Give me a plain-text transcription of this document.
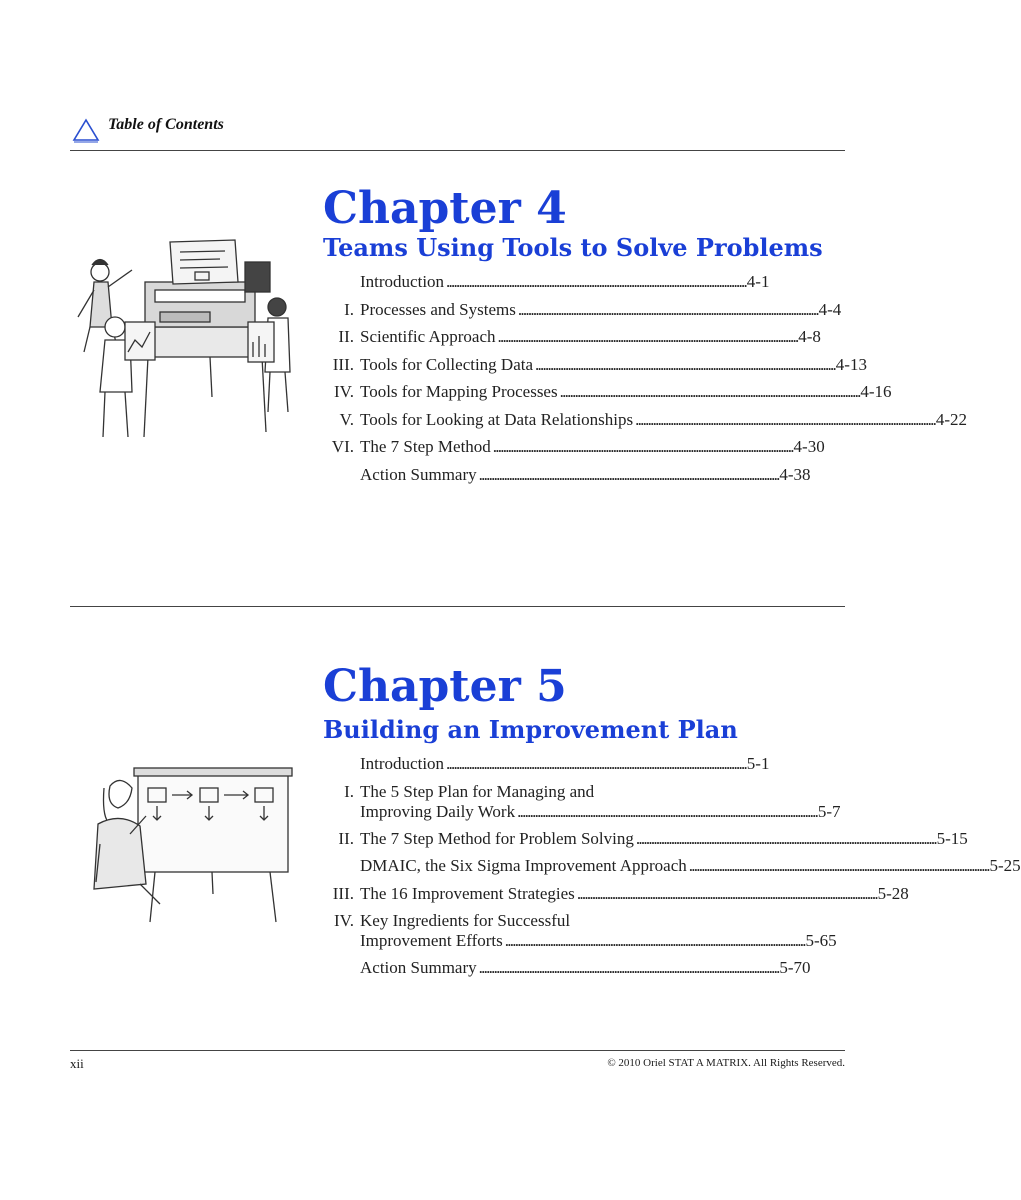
Table of Contents
Chapter 4
Teams Using Tools to Solve Problems
Introduction . . .	4-1
I. Processes and Systems . . .	4-4
II. Scientific Approach . . .	4-8
III. Tools for Collecting Data . . .	4-13
IV. Tools for Mapping Processes . . .	4-16
V. Tools for Looking at Data Relationships . . .	4-22
VI. The 7 Step Method . . .	4-30
Action Summary . . .	4-38
Chapter 5
Building an Improvement Plan
Introduction . . .	5-1
I. The 5 Step Plan for Managing and
Improving Daily Work . . .	5-7
II. The 7 Step Method for Problem Solving . . .	5-15
DMAIC, the Six Sigma Improvement Approach . . .	5-25
III. The 16 Improvement Strategies . . .	5-28
IV. Key Ingredients for Successful
Improvement Efforts . . .	5-65
Action Summary . . .	5-70
xii	© 2010 Oriel STAT A MATRIX. All Rights Reserved.
